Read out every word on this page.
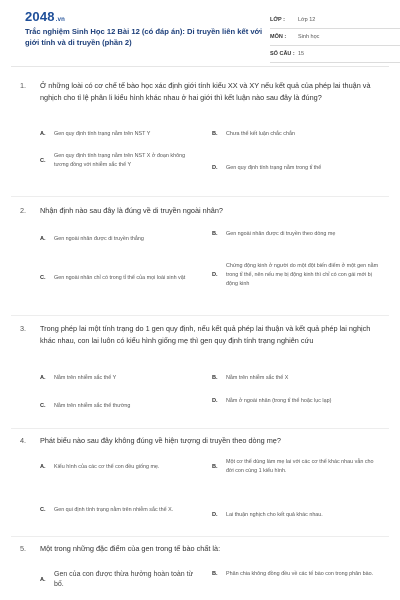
2048.vn
Trắc nghiệm Sinh Học 12 Bài 12 (có đáp án): Di truyền liên kết với giới tính và di truyền (phần 2)
LỚP :	Lớp 12
MÔN :	Sinh học
SỐ CÂU : 15
1.	Ở những loài có cơ chế tế bào học xác định giới tính kiểu XX và XY nếu kết quả của phép lai thuận và nghịch cho tỉ lệ phân li kiểu hình khác nhau ở hai giới thì kết luận nào sau đây là đúng?
A.	Gen quy định tính trạng nằm trên NST Y	B.	Chưa thể kết luận chắc chắn
C.
Gen quy định tính trạng nằm trên NST X ở đoạn không tương đồng với nhiễm sắc thể Y	D.	Gen quy định tính trạng nằm trong tỉ thể
2.	Nhận định nào sau đây là đúng về di truyền ngoài nhân?
A.	Gen ngoài nhân được di truyền thẳng
B.	Gen ngoài nhân được di truyền theo dòng mẹ
C.	Gen ngoài nhân chỉ có trong tỉ thể của mọi loài sinh vật	D.
Chứng động kinh ở người do một đột biến điểm ở một gen nằm trong tỉ thể, nên nếu mẹ bị động kinh thì chỉ có con gái mới bị động kinh
3.	Trong phép lai một tính trạng do 1 gen quy định, nếu kết quả phép lai thuận và kết quả phép lai nghịch khác nhau, con lai luôn có kiểu hình giống mẹ thì gen quy định tính trạng nghiên cứu
A.	Nằm trên nhiễm sắc thể Y	B.	Nằm trên nhiễm sắc thể X
C.	Nằm trên nhiễm sắc thể thường
D.	Nằm ở ngoài nhân (trong tỉ thể hoặc lục lạp)
4.	Phát biểu nào sau đây không đúng về hiện tượng di truyền theo dòng mẹ?
A.	Kiểu hình của các cơ thể con đều giống mẹ.	B.
Một cơ thể dùng làm mẹ lai với các cơ thể khác nhau vẫn cho đời con cùng 1 kiểu hình.
C.	Gen qui định tính trạng nằm trên nhiễm sắc thể X.
D.	Lai thuận nghịch cho kết quả khác nhau.
5.	Một trong những đặc điểm của gen trong tế bào chất là:
A.
Gen của con được thừa hưởng hoàn toàn từ bố.
B.	Phân chia không đồng đều về các tế bào con trong phân bào.
